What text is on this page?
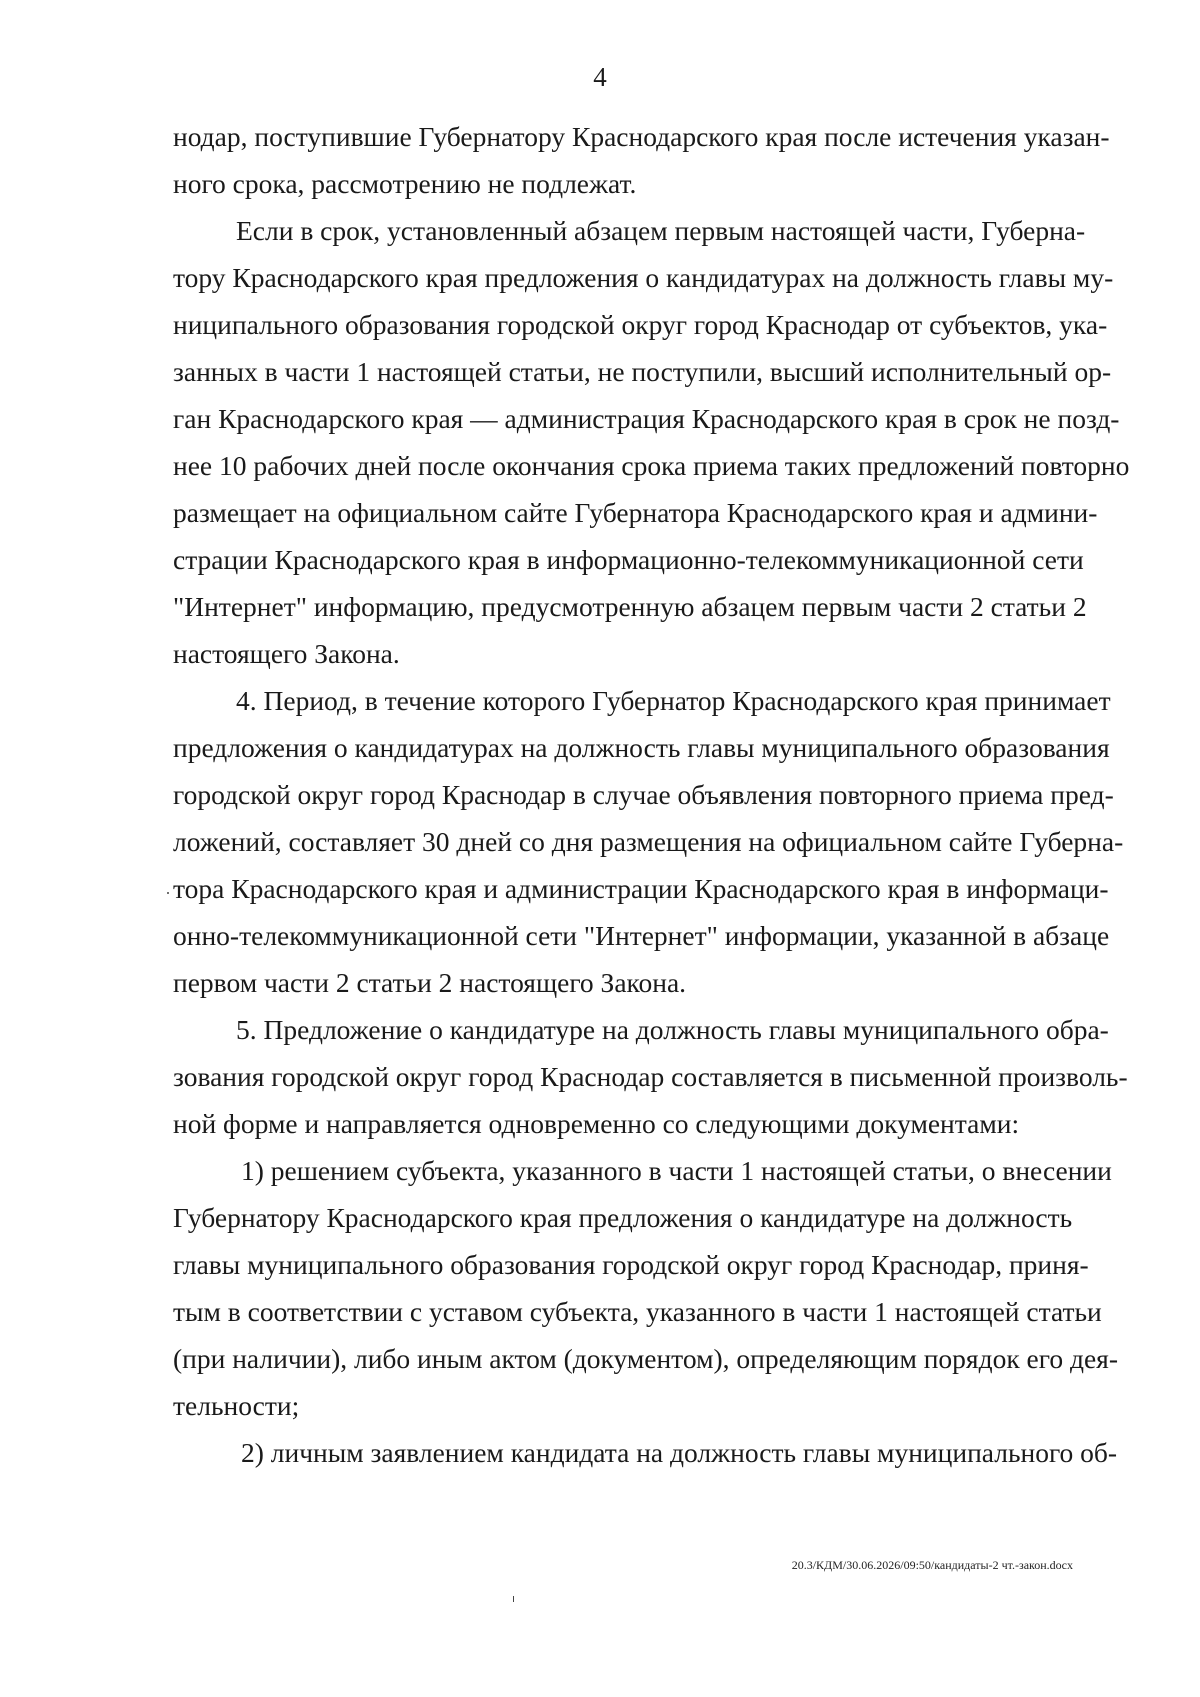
4

нодар, поступившие Губернатору Краснодарского края после истечения указан-
ного срока, рассмотрению не подлежат.

Если в срок, установленный абзацем первым настоящей части, Губерна-
тору Краснодарского края предложения о кандидатурах на должность главы му-
ниципального образования городской округ город Краснодар от субъектов, ука-
занных в части 1 настоящей статьи, не поступили, высший исполнительный ор-
ган Краснодарского края — администрация Краснодарского края в срок не позд-
нее 10 рабочих дней после окончания срока приема таких предложений повторно
размещает на официальном сайте Губернатора Краснодарского края и админи-
страции Краснодарского края в информационно-телекоммуникационной сети
"Интернет" информацию, предусмотренную абзацем первым части 2 статьи 2
настоящего Закона.

4. Период, в течение которого Губернатор Краснодарского края принимает
предложения о кандидатурах на должность главы муниципального образования
городской округ город Краснодар в случае объявления повторного приема пред-
ложений, составляет 30 дней со дня размещения на официальном сайте Губерна-
тора Краснодарского края и администрации Краснодарского края в информаци-
онно-телекоммуникационной сети "Интернет" информации, указанной в абзаце
первом части 2 статьи 2 настоящего Закона.

5. Предложение о кандидатуре на должность главы муниципального обра-
зования городской округ город Краснодар составляется в письменной произволь-
ной форме и направляется одновременно со следующими документами:

1) решением субъекта, указанного в части 1 настоящей статьи, о внесении
Губернатору Краснодарского края предложения о кандидатуре на должность
главы муниципального образования городской округ город Краснодар, приня-
тым в соответствии с уставом субъекта, указанного в части 1 настоящей статьи
(при наличии), либо иным актом (документом), определяющим порядок его дея-
тельности;

2) личным заявлением кандидата на должность главы муниципального об-

20.3/КДМ/30.06.2026/09:50/кандидаты-2 чт.-закон.docx
